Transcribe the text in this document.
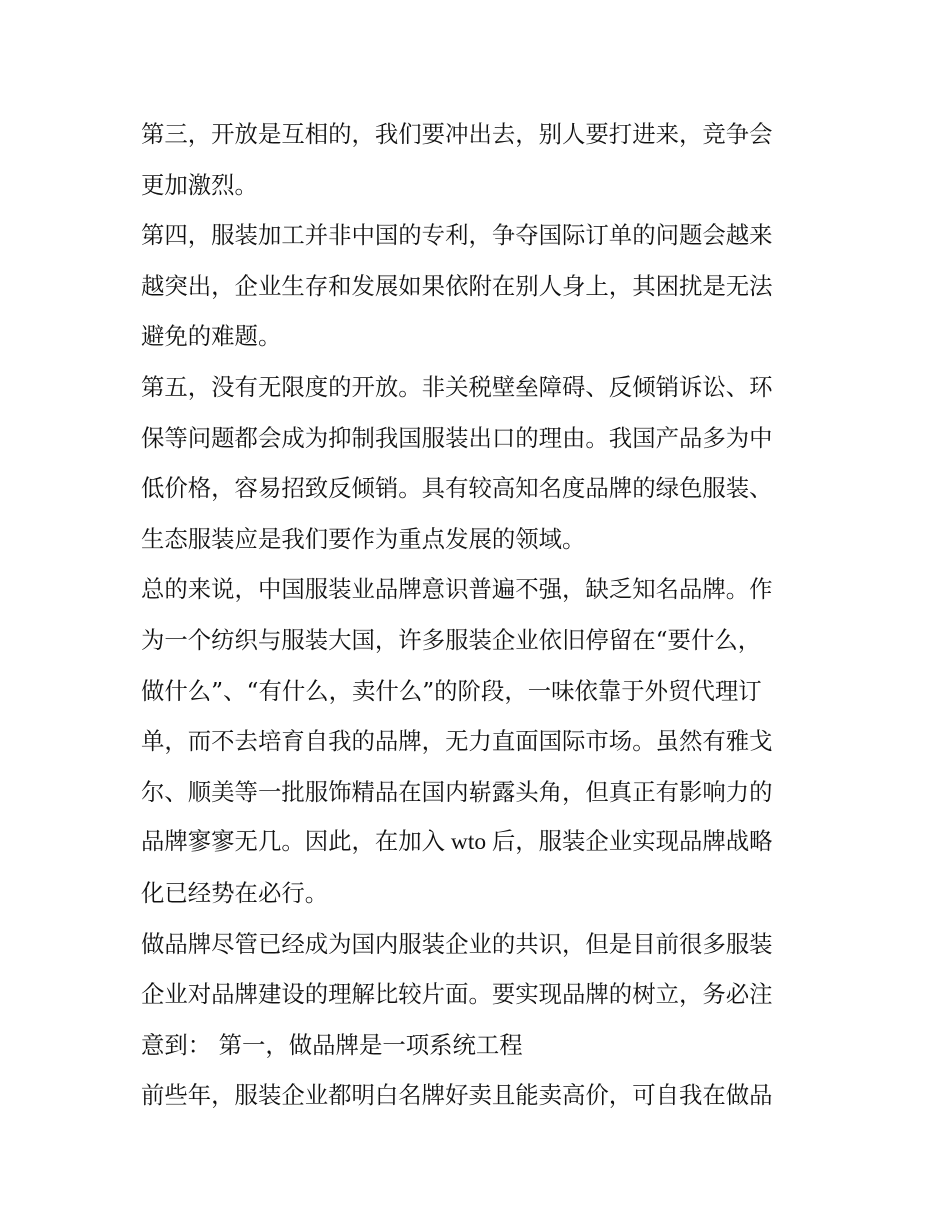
第三，开放是互相的，我们要冲出去，别人要打进来，竞争会
更加激烈。
第四，服装加工并非中国的专利，争夺国际订单的问题会越来
越突出，企业生存和发展如果依附在别人身上，其困扰是无法
避免的难题。
第五，没有无限度的开放。非关税壁垒障碍、反倾销诉讼、环
保等问题都会成为抑制我国服装出口的理由。我国产品多为中
低价格，容易招致反倾销。具有较高知名度品牌的绿色服装、
生态服装应是我们要作为重点发展的领域。
总的来说，中国服装业品牌意识普遍不强，缺乏知名品牌。作
为一个纺织与服装大国，许多服装企业依旧停留在“要什么，
做什么”、“有什么，卖什么”的阶段，一味依靠于外贸代理订
单，而不去培育自我的品牌，无力直面国际市场。虽然有雅戈
尔、顺美等一批服饰精品在国内崭露头角，但真正有影响力的
品牌寥寥无几。因此，在加入 wto 后，服装企业实现品牌战略
化已经势在必行。
做品牌尽管已经成为国内服装企业的共识，但是目前很多服装
企业对品牌建设的理解比较片面。要实现品牌的树立，务必注
意到： 第一，做品牌是一项系统工程
前些年，服装企业都明白名牌好卖且能卖高价，可自我在做品
